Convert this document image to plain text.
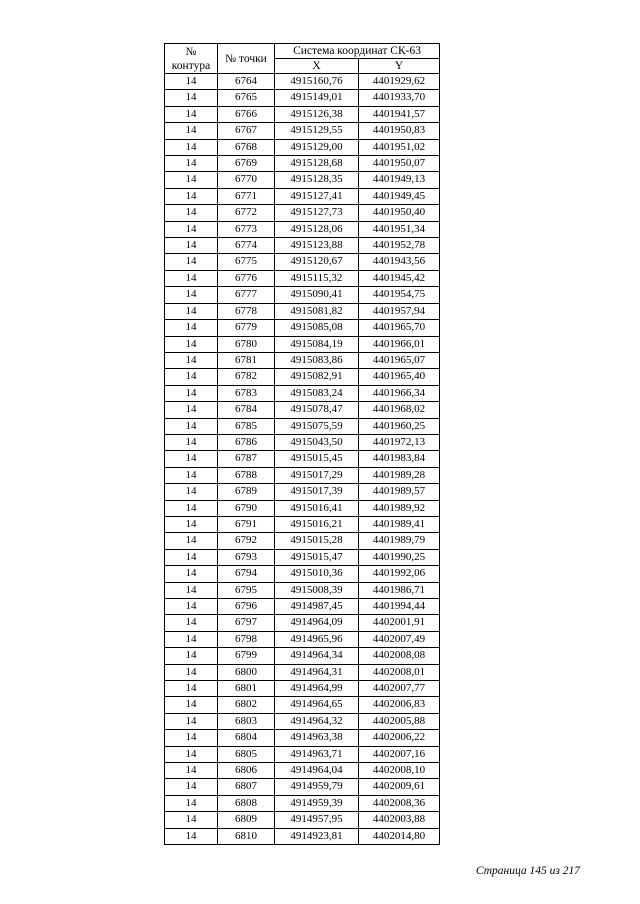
№
контура	№ точки	Система координат СК-63	
		X	Y
14	6764	4915160,76	4401929,62
14	6765	4915149,01	4401933,70
14	6766	4915126,38	4401941,57
14	6767	4915129,55	4401950,83
14	6768	4915129,00	4401951,02
14	6769	4915128,68	4401950,07
14	6770	4915128,35	4401949,13
14	6771	4915127,41	4401949,45
14	6772	4915127,73	4401950,40
14	6773	4915128,06	4401951,34
14	6774	4915123,88	4401952,78
14	6775	4915120,67	4401943,56
14	6776	4915115,32	4401945,42
14	6777	4915090,41	4401954,75
14	6778	4915081,82	4401957,94
14	6779	4915085,08	4401965,70
14	6780	4915084,19	4401966,01
14	6781	4915083,86	4401965,07
14	6782	4915082,91	4401965,40
14	6783	4915083,24	4401966,34
14	6784	4915078,47	4401968,02
14	6785	4915075,59	4401960,25
14	6786	4915043,50	4401972,13
14	6787	4915015,45	4401983,84
14	6788	4915017,29	4401989,28
14	6789	4915017,39	4401989,57
14	6790	4915016,41	4401989,92
14	6791	4915016,21	4401989,41
14	6792	4915015,28	4401989,79
14	6793	4915015,47	4401990,25
14	6794	4915010,36	4401992,06
14	6795	4915008,39	4401986,71
14	6796	4914987,45	4401994,44
14	6797	4914964,09	4402001,91
14	6798	4914965,96	4402007,49
14	6799	4914964,34	4402008,08
14	6800	4914964,31	4402008,01
14	6801	4914964,99	4402007,77
14	6802	4914964,65	4402006,83
14	6803	4914964,32	4402005,88
14	6804	4914963,38	4402006,22
14	6805	4914963,71	4402007,16
14	6806	4914964,04	4402008,10
14	6807	4914959,79	4402009,61
14	6808	4914959,39	4402008,36
14	6809	4914957,95	4402003,88
14	6810	4914923,81	4402014,80
Страница 145 из 217
